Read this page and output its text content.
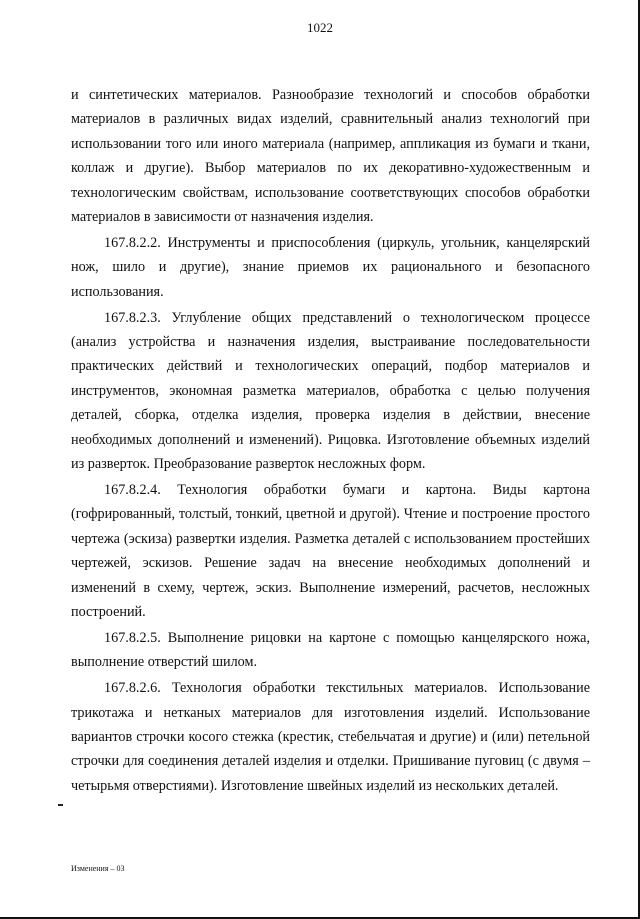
1022

и синтетических материалов. Разнообразие технологий и способов обработки материалов в различных видах изделий, сравнительный анализ технологий при использовании того или иного материала (например, аппликация из бумаги и ткани, коллаж и другие). Выбор материалов по их декоративно-художественным и технологическим свойствам, использование соответствующих способов обработки материалов в зависимости от назначения изделия.

167.8.2.2. Инструменты и приспособления (циркуль, угольник, канцелярский нож, шило и другие), знание приемов их рационального и безопасного использования.

167.8.2.3. Углубление общих представлений о технологическом процессе (анализ устройства и назначения изделия, выстраивание последовательности практических действий и технологических операций, подбор материалов и инструментов, экономная разметка материалов, обработка с целью получения деталей, сборка, отделка изделия, проверка изделия в действии, внесение необходимых дополнений и изменений). Рицовка. Изготовление объемных изделий из разверток. Преобразование разверток несложных форм.

167.8.2.4. Технология обработки бумаги и картона. Виды картона (гофрированный, толстый, тонкий, цветной и другой). Чтение и построение простого чертежа (эскиза) развертки изделия. Разметка деталей с использованием простейших чертежей, эскизов. Решение задач на внесение необходимых дополнений и изменений в схему, чертеж, эскиз. Выполнение измерений, расчетов, несложных построений.

167.8.2.5. Выполнение рицовки на картоне с помощью канцелярского ножа, выполнение отверстий шилом.

167.8.2.6. Технология обработки текстильных материалов. Использование трикотажа и нетканых материалов для изготовления изделий. Использование вариантов строчки косого стежка (крестик, стебельчатая и другие) и (или) петельной строчки для соединения деталей изделия и отделки. Пришивание пуговиц (с двумя – четырьмя отверстиями). Изготовление швейных изделий из нескольких деталей.

Изменения – 03
